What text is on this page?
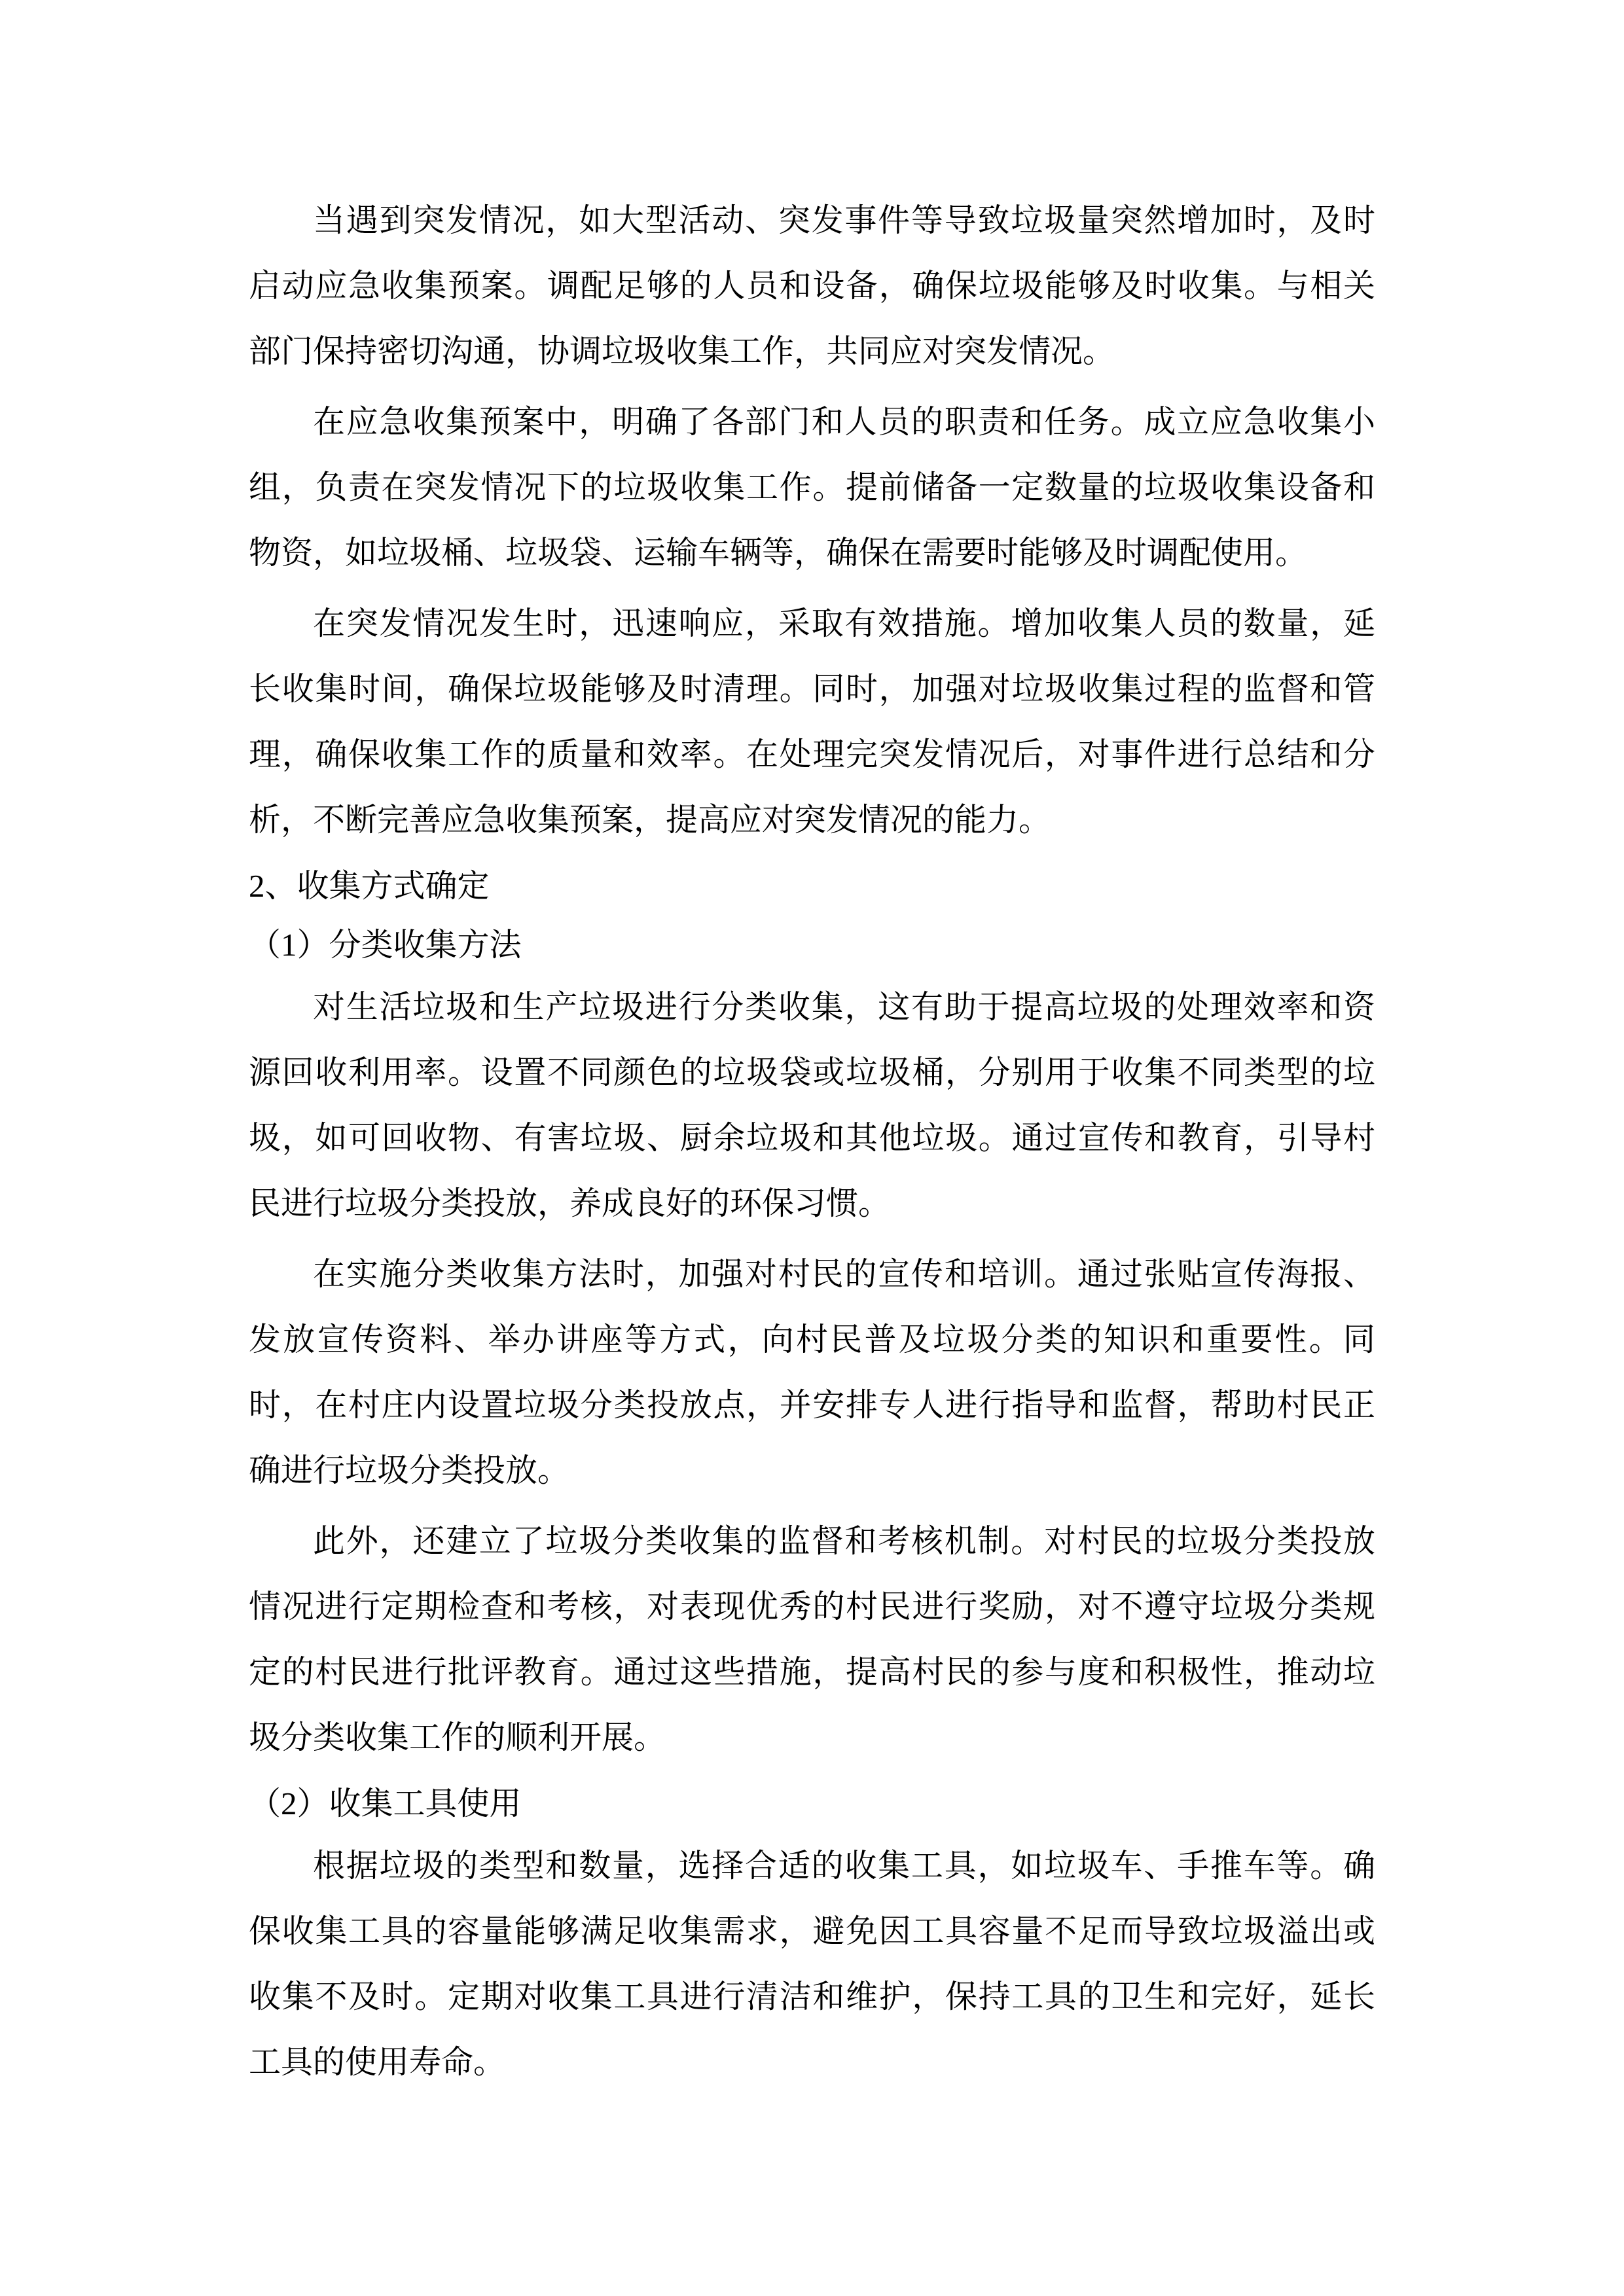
当遇到突发情况，如大型活动、突发事件等导致垃圾量突然增加时，及时
启动应急收集预案。调配足够的人员和设备，确保垃圾能够及时收集。与相关
部门保持密切沟通，协调垃圾收集工作，共同应对突发情况。
在应急收集预案中，明确了各部门和人员的职责和任务。成立应急收集小
组，负责在突发情况下的垃圾收集工作。提前储备一定数量的垃圾收集设备和
物资，如垃圾桶、垃圾袋、运输车辆等，确保在需要时能够及时调配使用。
在突发情况发生时，迅速响应，采取有效措施。增加收集人员的数量，延
长收集时间，确保垃圾能够及时清理。同时，加强对垃圾收集过程的监督和管
理，确保收集工作的质量和效率。在处理完突发情况后，对事件进行总结和分
析，不断完善应急收集预案，提高应对突发情况的能力。
2、收集方式确定
（1）分类收集方法
对生活垃圾和生产垃圾进行分类收集，这有助于提高垃圾的处理效率和资
源回收利用率。设置不同颜色的垃圾袋或垃圾桶，分别用于收集不同类型的垃
圾，如可回收物、有害垃圾、厨余垃圾和其他垃圾。通过宣传和教育，引导村
民进行垃圾分类投放，养成良好的环保习惯。
在实施分类收集方法时，加强对村民的宣传和培训。通过张贴宣传海报、
发放宣传资料、举办讲座等方式，向村民普及垃圾分类的知识和重要性。同
时，在村庄内设置垃圾分类投放点，并安排专人进行指导和监督，帮助村民正
确进行垃圾分类投放。
此外，还建立了垃圾分类收集的监督和考核机制。对村民的垃圾分类投放
情况进行定期检查和考核，对表现优秀的村民进行奖励，对不遵守垃圾分类规
定的村民进行批评教育。通过这些措施，提高村民的参与度和积极性，推动垃
圾分类收集工作的顺利开展。
（2）收集工具使用
根据垃圾的类型和数量，选择合适的收集工具，如垃圾车、手推车等。确
保收集工具的容量能够满足收集需求，避免因工具容量不足而导致垃圾溢出或
收集不及时。定期对收集工具进行清洁和维护，保持工具的卫生和完好，延长
工具的使用寿命。
